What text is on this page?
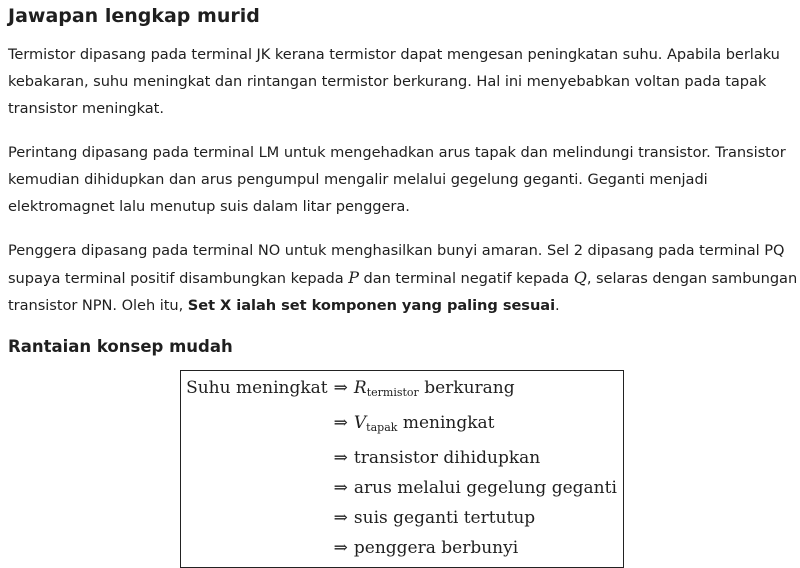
Jawapan lengkap murid

Termistor dipasang pada terminal JK kerana termistor dapat mengesan peningkatan suhu. Apabila berlaku kebakaran, suhu meningkat dan rintangan termistor berkurang. Hal ini menyebabkan voltan pada tapak transistor meningkat.

Perintang dipasang pada terminal LM untuk mengehadkan arus tapak dan melindungi transistor. Transistor kemudian dihidupkan dan arus pengumpul mengalir melalui gegelung geganti. Geganti menjadi elektromagnet lalu menutup suis dalam litar penggera.

Penggera dipasang pada terminal NO untuk menghasilkan bunyi amaran. Sel 2 dipasang pada terminal PQ supaya terminal positif disambungkan kepada P dan terminal negatif kepada Q, selaras dengan sambungan transistor NPN. Oleh itu, Set X ialah set komponen yang paling sesuai.

Rantaian konsep mudah
Suhu meningkat ⇒ $R_{termistor}$ berkurang
⇒ $V_{tapak}$ meningkat
⇒ transistor dihidupkan
⇒ arus melalui gegelung geganti
⇒ suis geganti tertutup
⇒ penggera berbunyi
